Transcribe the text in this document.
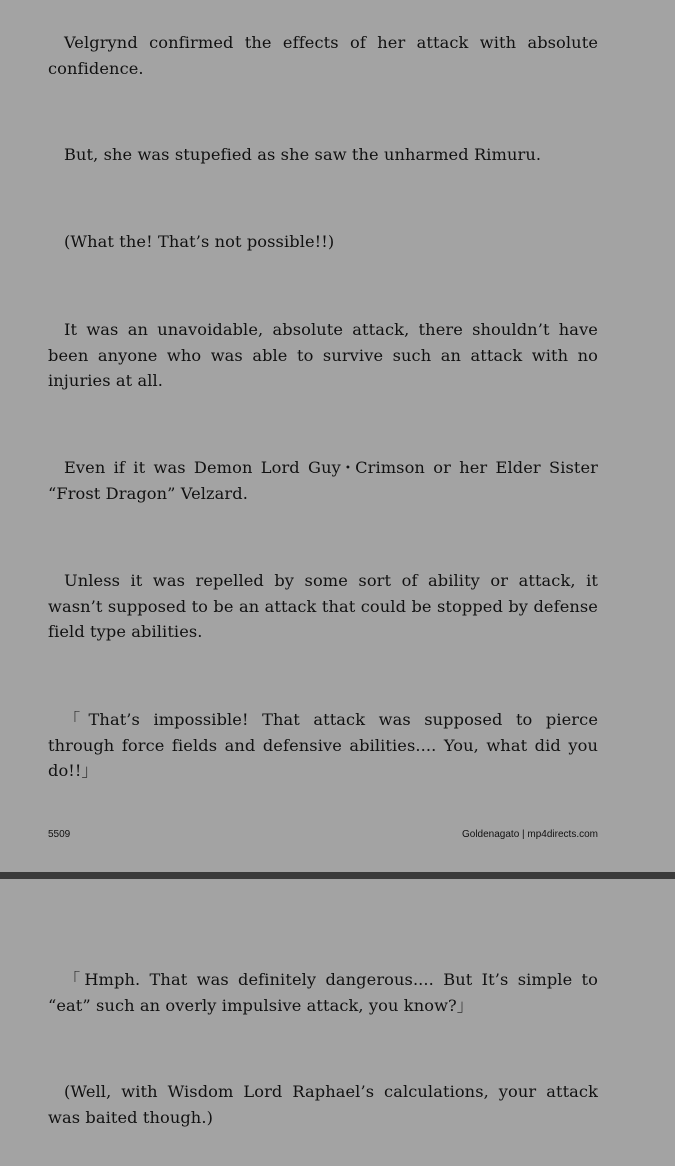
Velgrynd confirmed the effects of her attack with absolute confidence.

But, she was stupefied as she saw the unharmed Rimuru.

(What the! That’s not possible!!)

It was an unavoidable, absolute attack, there shouldn’t have been anyone who was able to survive such an attack with no injuries at all.

Even if it was Demon Lord Guy･Crimson or her Elder Sister “Frost Dragon” Velzard.

Unless it was repelled by some sort of ability or attack, it wasn’t supposed to be an attack that could be stopped by defense field type abilities.

「That’s impossible! That attack was supposed to pierce through force fields and defensive abilities.... You, what did you do!!」

5509	Goldenagato | mp4directs.com

「Hmph. That was definitely dangerous.... But It’s simple to “eat” such an overly impulsive attack, you know?」

(Well, with Wisdom Lord Raphael’s calculations, your attack was baited though.)
